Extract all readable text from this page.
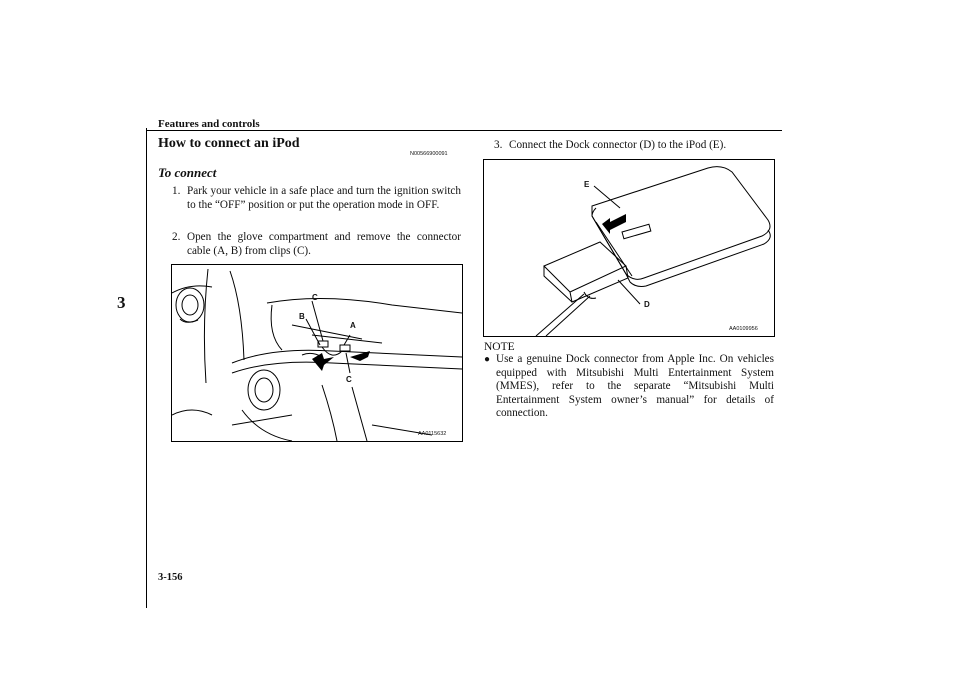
Features and controls
3
How to connect an iPod
N00566900091
To connect
1. Park your vehicle in a safe place and turn the ignition switch to the “OFF” position or put the operation mode in OFF.
2. Open the glove compartment and remove the connector cable (A, B) from clips (C).
C
B
A
C
AA0115632
3. Connect the Dock connector (D) to the iPod (E).
E
D
AA0109956
NOTE
● Use a genuine Dock connector from Apple Inc. On vehicles equipped with Mitsubishi Multi Entertainment System (MMES), refer to the separate “Mitsubishi Multi Entertainment System owner’s manual” for details of connection.
3-156
